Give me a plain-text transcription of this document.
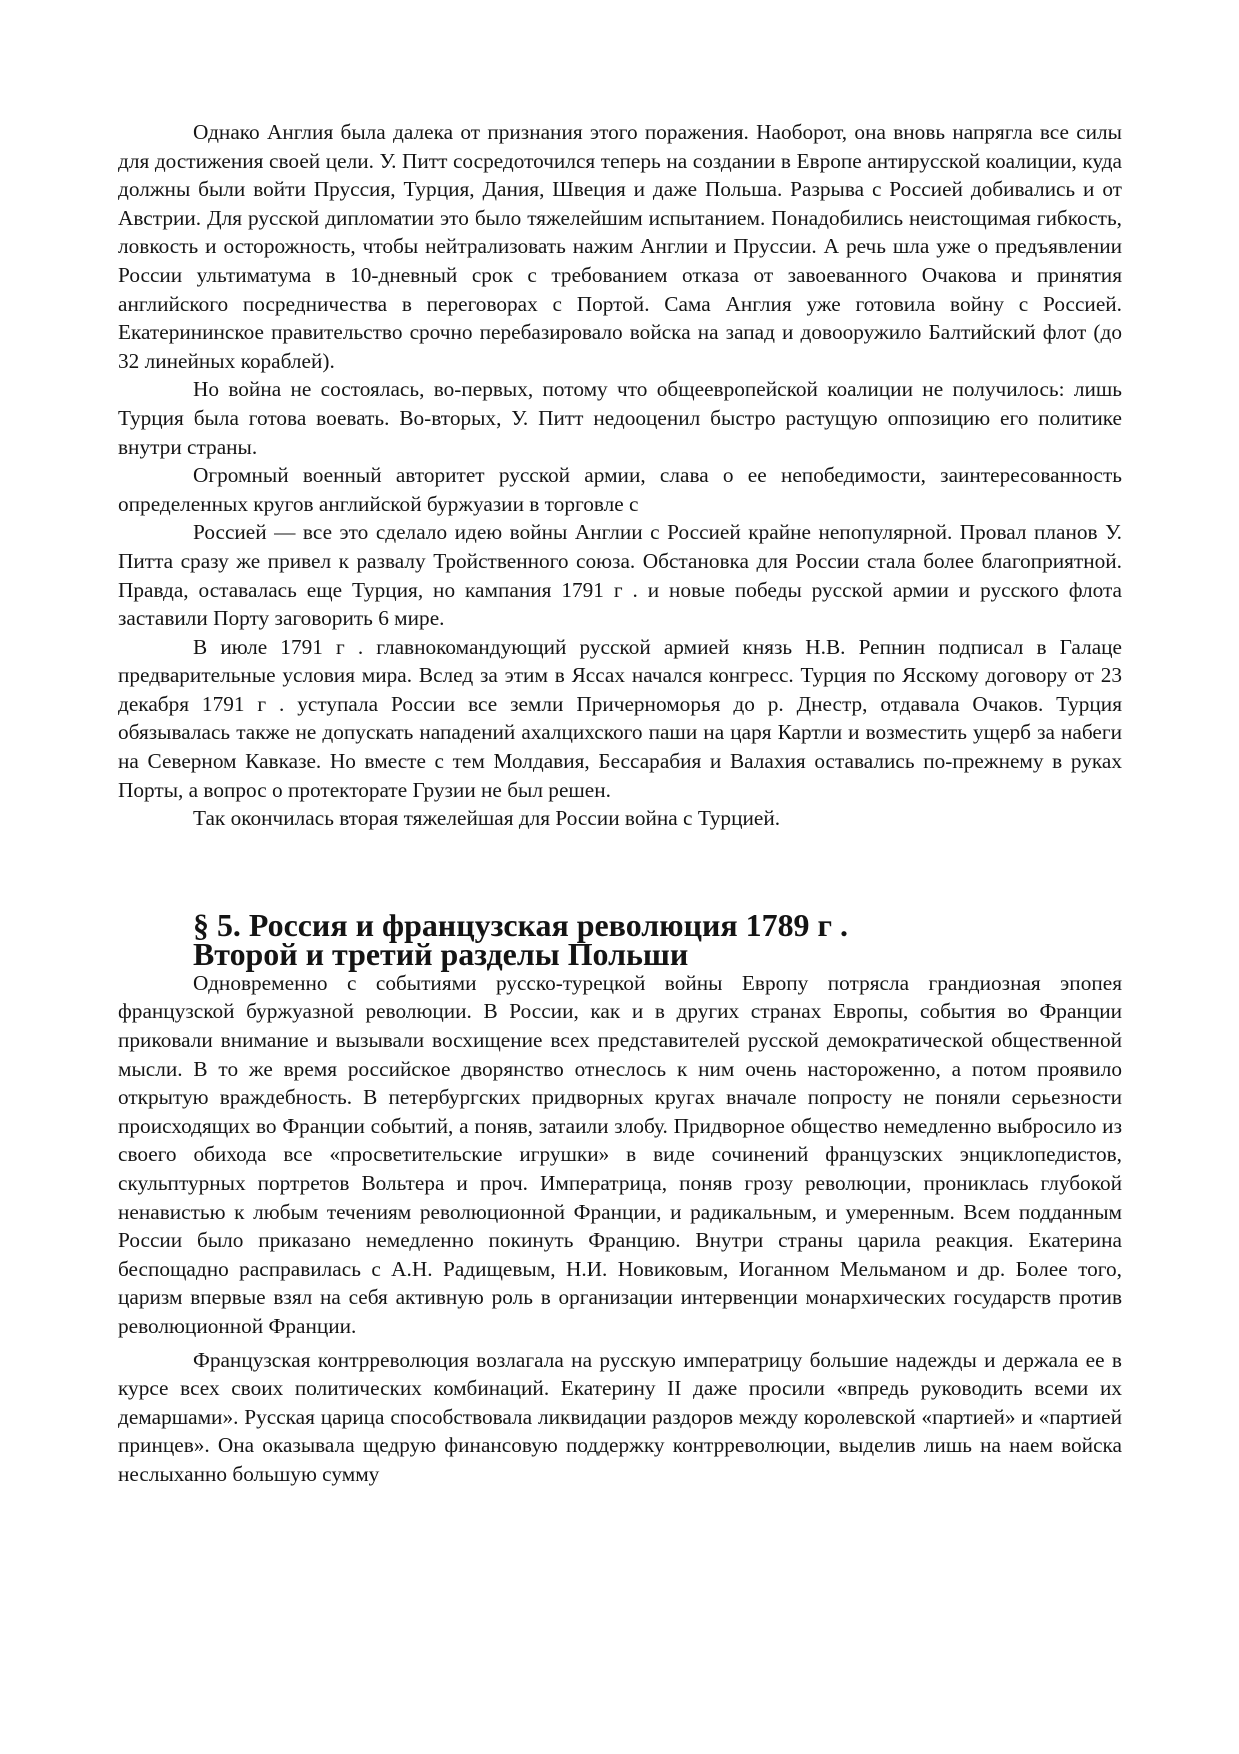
Однако Англия была далека от признания этого поражения. Наоборот, она вновь напрягла все силы для достижения своей цели. У. Питт сосредоточился теперь на создании в Европе антирусской коалиции, куда должны были войти Пруссия, Турция, Дания, Швеция и даже Польша. Разрыва с Россией добивались и от Австрии. Для русской дипломатии это было тяжелейшим испытанием. Понадобились неистощимая гибкость, ловкость и осторожность, чтобы нейтрализовать нажим Англии и Пруссии. А речь шла уже о предъявлении России ультиматума в 10-дневный срок с требованием отказа от завоеванного Очакова и принятия английского посредничества в переговорах с Портой. Сама Англия уже готовила войну с Россией. Екатерининское правительство срочно перебазировало войска на запад и довооружило Балтийский флот (до 32 линейных кораблей).

Но война не состоялась, во-первых, потому что общеевропейской коалиции не получилось: лишь Турция была готова воевать. Во-вторых, У. Питт недооценил быстро растущую оппозицию его политике внутри страны.

Огромный военный авторитет русской армии, слава о ее непобедимости, заинтересованность определенных кругов английской буржуазии в торговле с

Россией — все это сделало идею войны Англии с Россией крайне непопулярной. Провал планов У. Питта сразу же привел к развалу Тройственного союза. Обстановка для России стала более благоприятной. Правда, оставалась еще Турция, но кампания 1791 г . и новые победы русской армии и русского флота заставили Порту заговорить 6 мире.

В июле 1791 г . главнокомандующий русской армией князь Н.В. Репнин подписал в Галаце предварительные условия мира. Вслед за этим в Яссах начался конгресс. Турция по Ясскому договору от 23 декабря 1791 г . уступала России все земли Причерноморья до р. Днестр, отдавала Очаков. Турция обязывалась также не допускать нападений ахалцихского паши на царя Картли и возместить ущерб за набеги на Северном Кавказе. Но вместе с тем Молдавия, Бессарабия и Валахия оставались по-прежнему в руках Порты, а вопрос о протекторате Грузии не был решен.

Так окончилась вторая тяжелейшая для России война с Турцией.

§ 5. Россия и французская революция 1789 г .
Второй и третий разделы Польши

Одновременно с событиями русско-турецкой войны Европу потрясла грандиозная эпопея французской буржуазной революции. В России, как и в других странах Европы, события во Франции приковали внимание и вызывали восхищение всех представителей русской демократической общественной мысли. В то же время российское дворянство отнеслось к ним очень настороженно, а потом проявило открытую враждебность. В петербургских придворных кругах вначале попросту не поняли серьезности происходящих во Франции событий, а поняв, затаили злобу. Придворное общество немедленно выбросило из своего обихода все «просветительские игрушки» в виде сочинений французских энциклопедистов, скульптурных портретов Вольтера и проч. Императрица, поняв грозу революции, прониклась глубокой ненавистью к любым течениям революционной Франции, и радикальным, и умеренным. Всем подданным России было приказано немедленно покинуть Францию. Внутри страны царила реакция. Екатерина беспощадно расправилась с А.Н. Радищевым, Н.И. Новиковым, Иоганном Мельманом и др. Более того, царизм впервые взял на себя активную роль в организации интервенции монархических государств против революционной Франции.

Французская контрреволюция возлагала на русскую императрицу большие надежды и держала ее в курсе всех своих политических комбинаций. Екатерину II даже просили «впредь руководить всеми их демаршами». Русская царица способствовала ликвидации раздоров между королевской «партией» и «партией принцев». Она оказывала щедрую финансовую поддержку контрреволюции, выделив лишь на наем войска неслыханно большую сумму
